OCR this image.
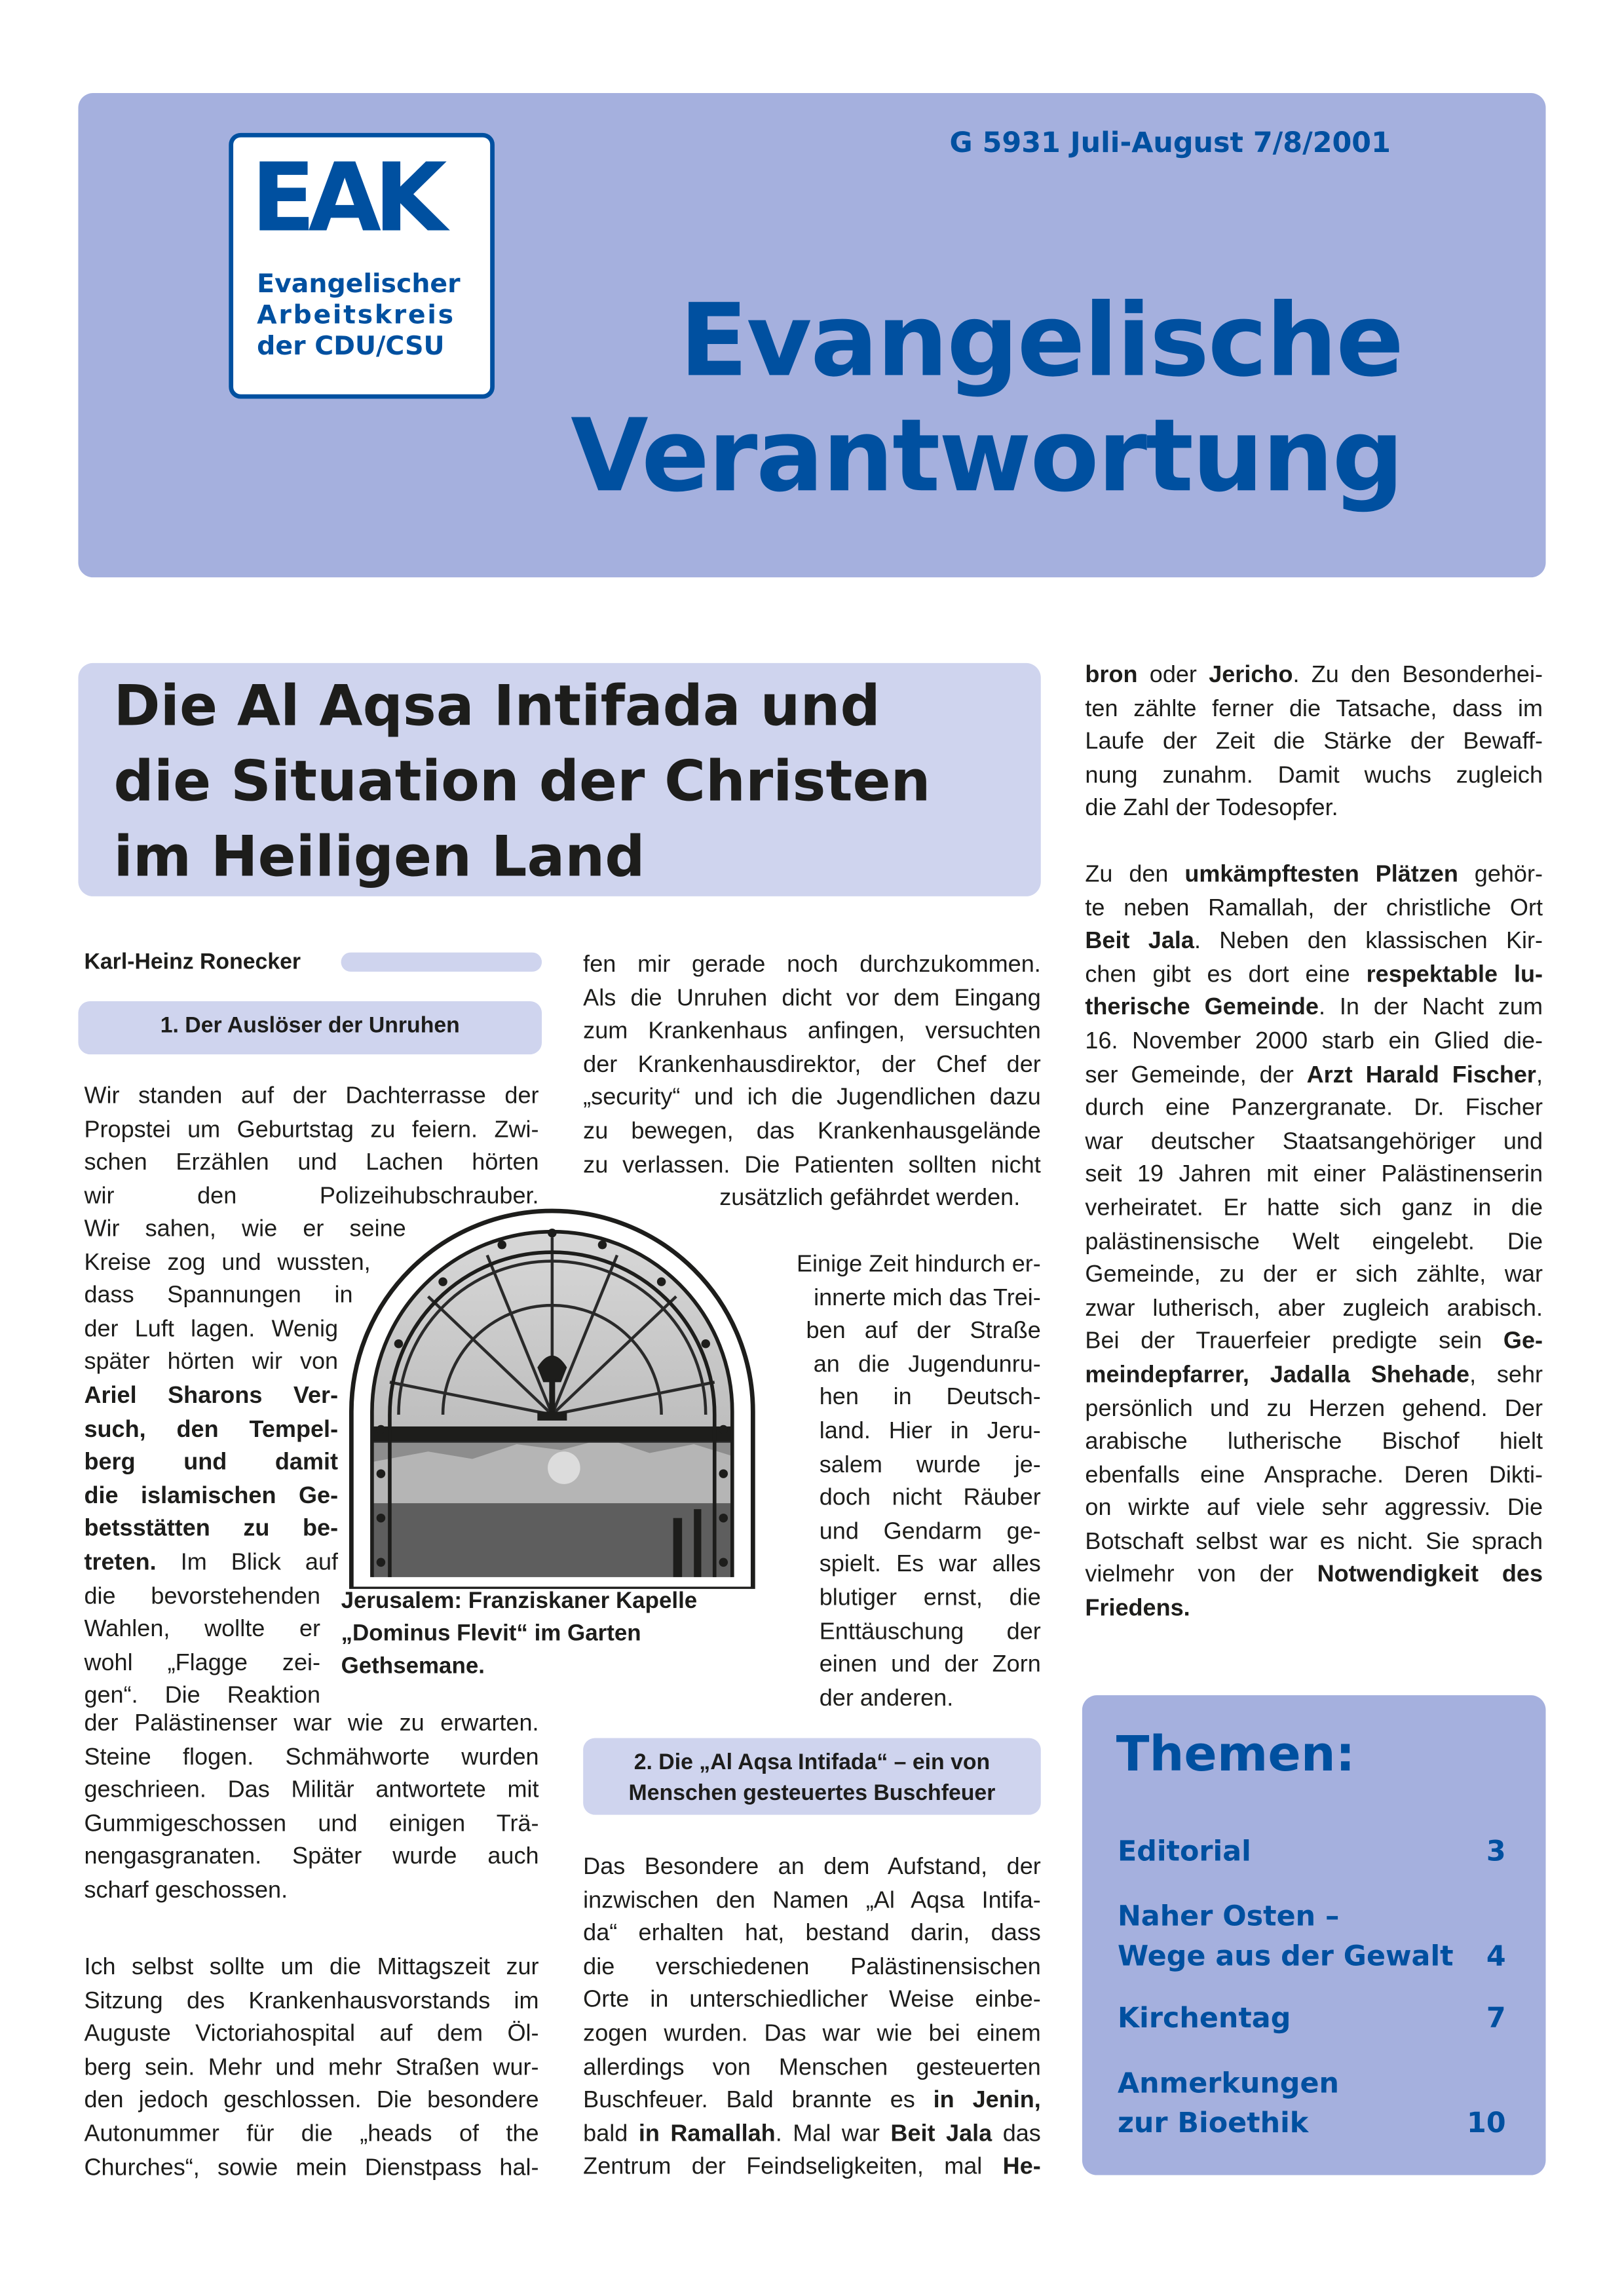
EAK
Evangelischer
Arbeitskreis
der CDU/CSU
G 5931 Juli-August 7/8/2001
Evangelische
Verantwortung
Die Al Aqsa Intifada und
die Situation der Christen
im Heiligen Land
Karl-Heinz Ronecker
1. Der Auslöser der Unruhen
Wir standen auf der Dachterrasse der
Propstei um Geburtstag zu feiern. Zwi-
schen Erzählen und Lachen hörten
wir den Polizeihubschrauber.
Wir sahen, wie er seine
Kreise zog und wussten,
dass Spannungen in
der Luft lagen. Wenig
später hörten wir von
Ariel Sharons Ver-
such, den Tempel-
berg und damit
die islamischen Ge-
betsstätten zu be-
treten. Im Blick auf
die bevorstehenden
Wahlen, wollte er
wohl „Flagge zei-
gen“. Die Reaktion
der Palästinenser war wie zu erwarten.
Steine flogen. Schmähworte wurden
geschrieen. Das Militär antwortete mit
Gummigeschossen und einigen Trä-
nengasgranaten. Später wurde auch
scharf geschossen.
Ich selbst sollte um die Mittagszeit zur
Sitzung des Krankenhausvorstands im
Auguste Victoriahospital auf dem Öl-
berg sein. Mehr und mehr Straßen wur-
den jedoch geschlossen. Die besondere
Autonummer für die „heads of the
Churches“, sowie mein Dienstpass hal-
fen mir gerade noch durchzukommen.
Als die Unruhen dicht vor dem Eingang
zum Krankenhaus anfingen, versuchten
der Krankenhausdirektor, der Chef der
„security“ und ich die Jugendlichen dazu
zu bewegen, das Krankenhausgelände
zu verlassen. Die Patienten sollten nicht
zusätzlich gefährdet werden.
Jerusalem: Franziskaner Kapelle
„Dominus Flevit“ im Garten
Gethsemane.
Einige Zeit hindurch er-
innerte mich das Trei-
ben auf der Straße
an die Jugendunru-
hen in Deutsch-
land. Hier in Jeru-
salem wurde je-
doch nicht Räuber
und Gendarm ge-
spielt. Es war alles
blutiger ernst, die
Enttäuschung der
einen und der Zorn
der anderen.
2. Die „Al Aqsa Intifada“ – ein von
Menschen gesteuertes Buschfeuer
Das Besondere an dem Aufstand, der
inzwischen den Namen „Al Aqsa Intifa-
da“ erhalten hat, bestand darin, dass
die verschiedenen Palästinensischen
Orte in unterschiedlicher Weise einbe-
zogen wurden. Das war wie bei einem
allerdings von Menschen gesteuerten
Buschfeuer. Bald brannte es in Jenin,
bald in Ramallah. Mal war Beit Jala das
Zentrum der Feindseligkeiten, mal He-
bron oder Jericho. Zu den Besonderhei-
ten zählte ferner die Tatsache, dass im
Laufe der Zeit die Stärke der Bewaff-
nung zunahm. Damit wuchs zugleich
die Zahl der Todesopfer.
Zu den umkämpftesten Plätzen gehör-
te neben Ramallah, der christliche Ort
Beit Jala. Neben den klassischen Kir-
chen gibt es dort eine respektable lu-
therische Gemeinde. In der Nacht zum
16. November 2000 starb ein Glied die-
ser Gemeinde, der Arzt Harald Fischer,
durch eine Panzergranate. Dr. Fischer
war deutscher Staatsangehöriger und
seit 19 Jahren mit einer Palästinenserin
verheiratet. Er hatte sich ganz in die
palästinensische Welt eingelebt. Die
Gemeinde, zu der er sich zählte, war
zwar lutherisch, aber zugleich arabisch.
Bei der Trauerfeier predigte sein Ge-
meindepfarrer, Jadalla Shehade, sehr
persönlich und zu Herzen gehend. Der
arabische lutherische Bischof hielt
ebenfalls eine Ansprache. Deren Dikti-
on wirkte auf viele sehr aggressiv. Die
Botschaft selbst war es nicht. Sie sprach
vielmehr von der Notwendigkeit des
Friedens.
Themen:
Editorial	3
Naher Osten –
Wege aus der Gewalt	4
Kirchentag	7
Anmerkungen
zur Bioethik	10
